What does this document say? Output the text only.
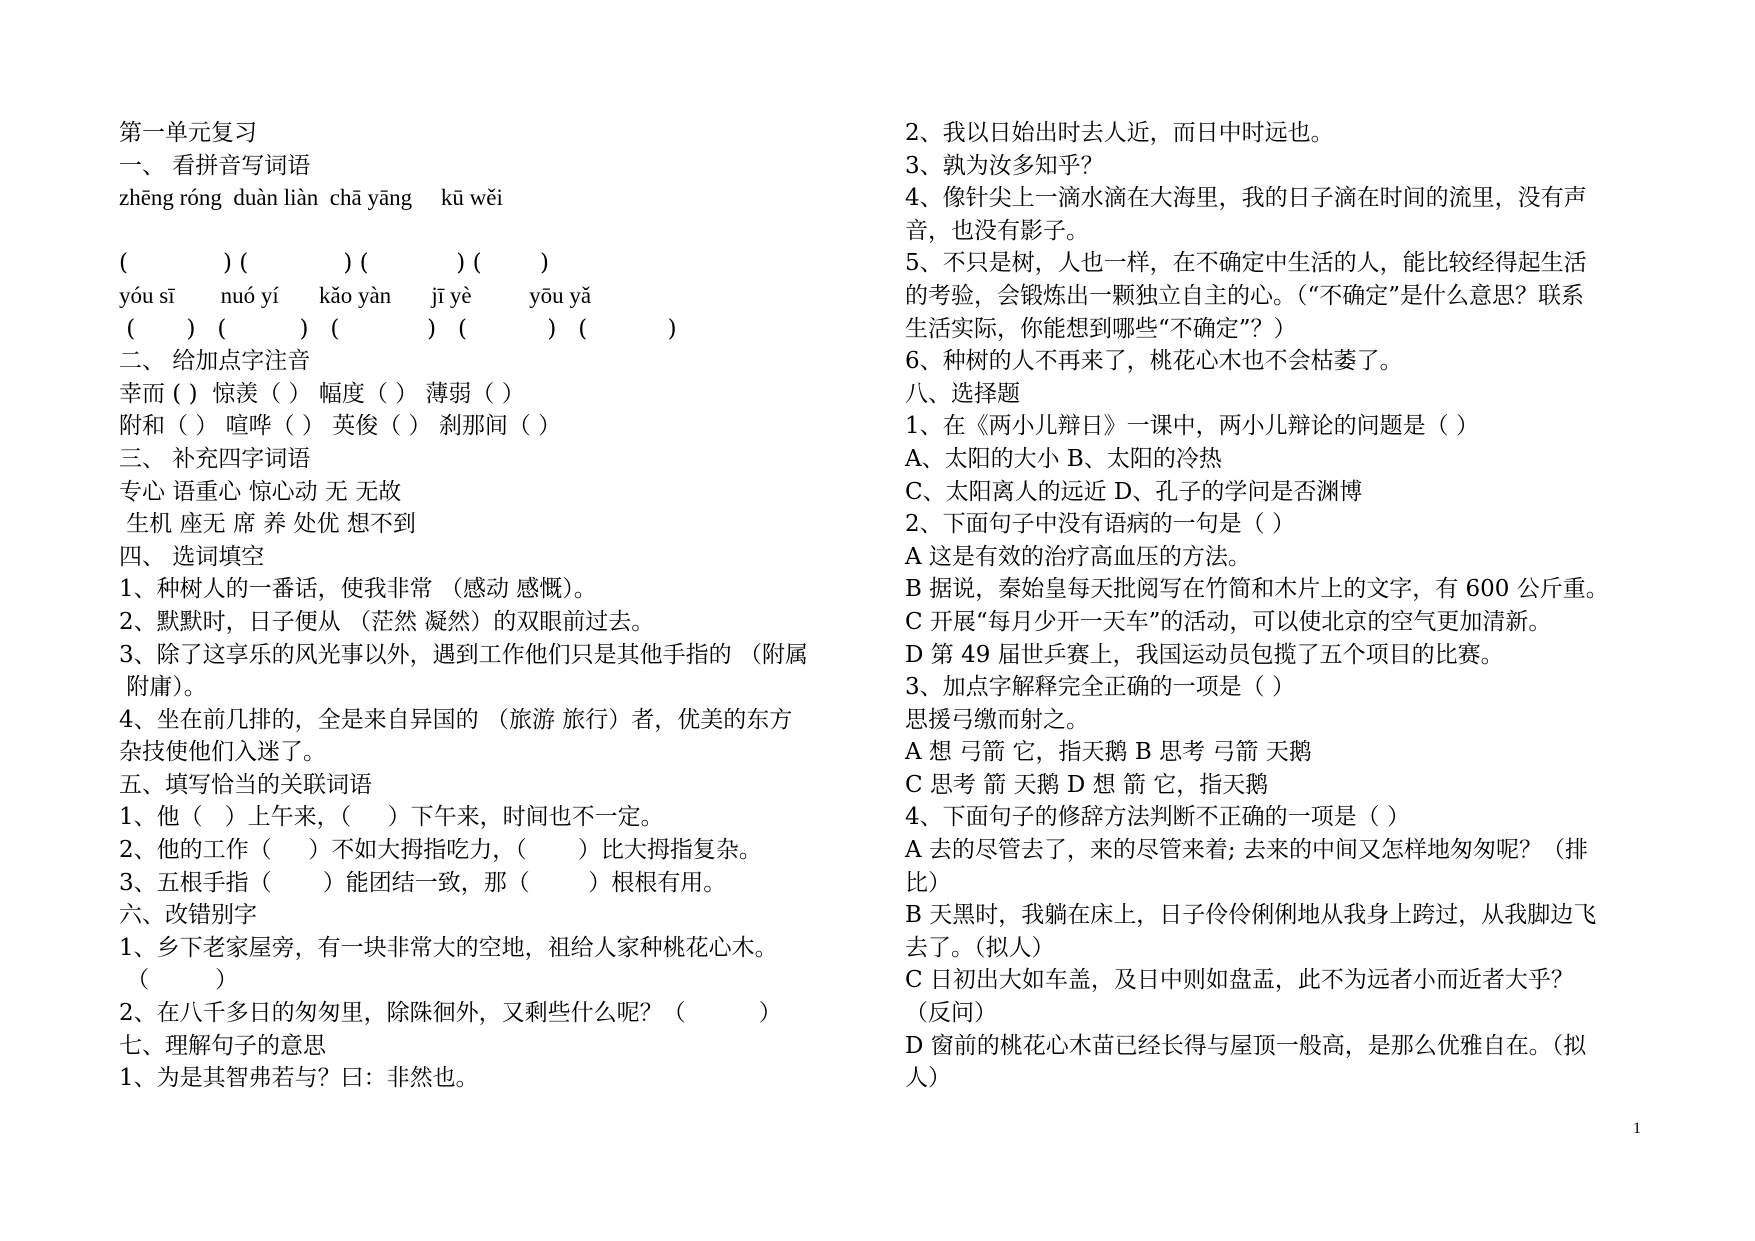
第一单元复习
一、 看拼音写词语
zhēng róng  duàn liàn  chā yāng     kū wěi
(             ) (             ) (            ) (        )
yóu sī        nuó yí       kǎo yàn       jī yè          yōu yǎ
(       )   (          )   (            )   (           )   (           )
二、 给加点字注音
幸而 ( )  惊羡（ ） 幅度（ ） 薄弱（ ）
附和（ ） 喧哗（ ） 英俊（ ） 刹那间（ ）
三、 补充四字词语
专心 语重心 惊心动 无 无故
生机 座无 席 养 处优 想不到
四、 选词填空
1、种树人的一番话，使我非常 （感动 感慨）。
2、默默时，日子便从 （茫然 凝然）的双眼前过去。
3、除了这享乐的风光事以外，遇到工作他们只是其他手指的 （附属
附庸）。
4、坐在前几排的，全是来自异国的 （旅游 旅行）者，优美的东方
杂技使他们入迷了。
五、填写恰当的关联词语
1、他（   ）上午来，（     ）下午来，时间也不一定。
2、他的工作（     ）不如大拇指吃力，（       ）比大拇指复杂。
3、五根手指（       ）能团结一致，那（        ）根根有用。
六、改错别字
1、乡下老家屋旁，有一块非常大的空地，祖给人家种桃花心木。
（         ）
2、在八千多日的匆匆里，除陎徊外，又剩些什么呢？（          ）
七、理解句子的意思
1、为是其智弗若与？曰：非然也。
2、我以日始出时去人近，而日中时远也。
3、孰为汝多知乎？
4、像针尖上一滴水滴在大海里，我的日子滴在时间的流里，没有声
音，也没有影子。
5、不只是树，人也一样，在不确定中生活的人，能比较经得起生活
的考验，会锻炼出一颗独立自主的心。（“不确定”是什么意思？联系
生活实际，你能想到哪些“不确定”？）
6、种树的人不再来了，桃花心木也不会枯萎了。
八、选择题
1、在《两小儿辩日》一课中，两小儿辩论的问题是（ ）
A、太阳的大小 B、太阳的冷热
C、太阳离人的远近 D、孔子的学问是否渊博
2、下面句子中没有语病的一句是（ ）
A 这是有效的治疗高血压的方法。
B 据说，秦始皇每天批阅写在竹简和木片上的文字，有 600 公斤重。
C 开展“每月少开一天车”的活动，可以使北京的空气更加清新。
D 第 49 届世乒赛上，我国运动员包揽了五个项目的比赛。
3、加点字解释完全正确的一项是（ ）
思援弓缴而射之。
A 想 弓箭 它，指天鹅 B 思考 弓箭 天鹅
C 思考 箭 天鹅 D 想 箭 它，指天鹅
4、下面句子的修辞方法判断不正确的一项是（ ）
A 去的尽管去了，来的尽管来着; 去来的中间又怎样地匆匆呢？（排
比）
B 天黑时，我躺在床上，日子伶伶俐俐地从我身上跨过，从我脚边飞
去了。（拟人）
C 日初出大如车盖，及日中则如盘盂，此不为远者小而近者大乎？
（反问）
D 窗前的桃花心木苗已经长得与屋顶一般高，是那么优雅自在。（拟
人）
1
